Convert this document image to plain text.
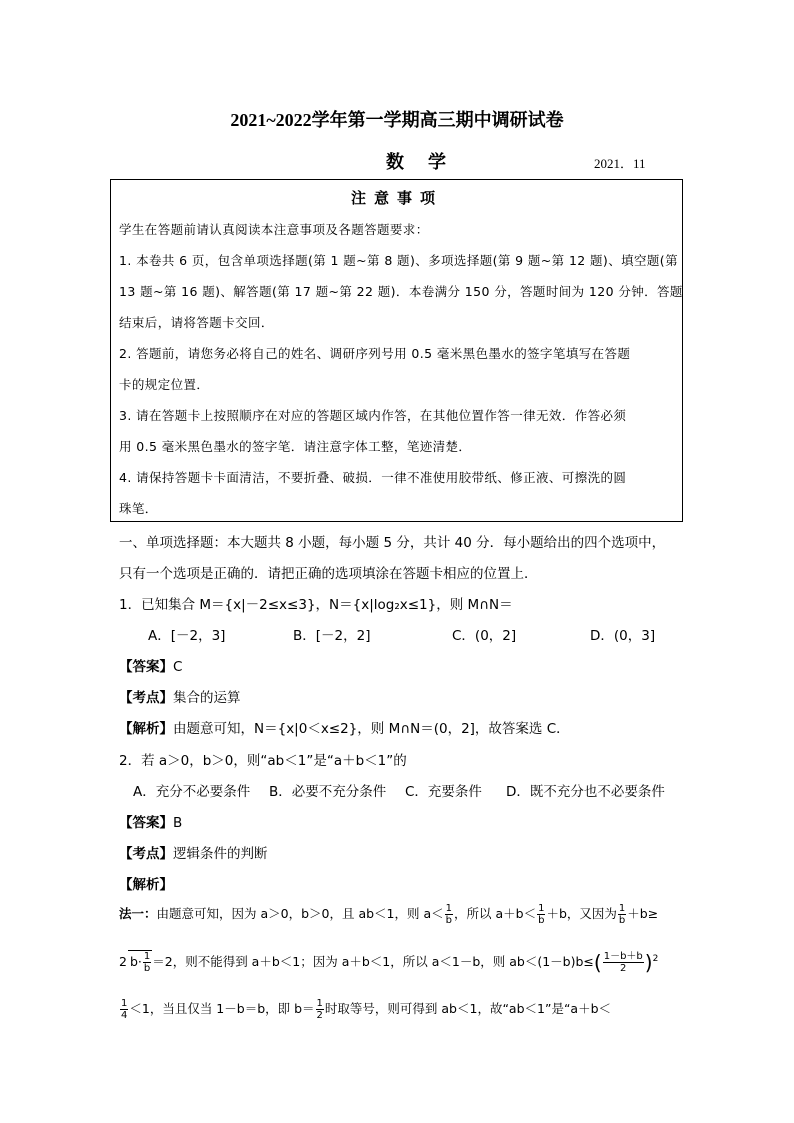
2021~2022学年第一学期高三期中调研试卷
数学	2021．11
注意事项
学生在答题前请认真阅读本注意事项及各题答题要求：
1. 本卷共 6 页，包含单项选择题(第 1 题~第 8 题)、多项选择题(第 9 题~第 12 题)、填空题(第
13 题~第 16 题)、解答题(第 17 题~第 22 题)．本卷满分 150 分，答题时间为 120 分钟．答题
结束后，请将答题卡交回．
2. 答题前，请您务必将自己的姓名、调研序列号用 0.5 毫米黑色墨水的签字笔填写在答题
卡的规定位置．
3. 请在答题卡上按照顺序在对应的答题区域内作答，在其他位置作答一律无效．作答必须
用 0.5 毫米黑色墨水的签字笔．请注意字体工整，笔迹清楚．
4. 请保持答题卡卡面清洁，不要折叠、破损．一律不准使用胶带纸、修正液、可擦洗的圆
珠笔．
一、单项选择题：本大题共 8 小题，每小题 5 分，共计 40 分．每小题给出的四个选项中，
只有一个选项是正确的．请把正确的选项填涂在答题卡相应的位置上．
1．已知集合 M＝{x|－2≤x≤3}，N＝{x|log₂x≤1}，则 M∩N＝
A．[－2，3]	B．[－2，2]	C．(0，2]	D．(0，3]
【答案】C
【考点】集合的运算
【解析】由题意可知，N＝{x|0＜x≤2}，则 M∩N＝(0，2]，故答案选 C．
2．若 a＞0，b＞0，则“ab＜1”是“a＋b＜1”的
A．充分不必要条件 B．必要不充分条件 C．充要条件 D．既不充分也不必要条件
【答案】B
【考点】逻辑条件的判断
【解析】
法一：由题意可知，因为 a＞0，b＞0，且 ab＜1，则 $a< \frac{1}{b}$ ，所以 $a+b< \frac{1}{b} +b$，又因为 $\frac{1}{b} +b\ge$
2 $b\cdot \frac{1}{b} =2$，则不能得到 a＋b＜1；因为 a＋b＜1，所以 a＜1－b，则 $ab<(1-b)b\le( \frac{1-b+b}{2} )^2$
$\frac{1}{4} <1$，当且仅当 1－b＝b，即 $b= \frac{1}{2}$ 时取等号，则可得到 ab＜1，故“ab＜1”是“a＋b＜
